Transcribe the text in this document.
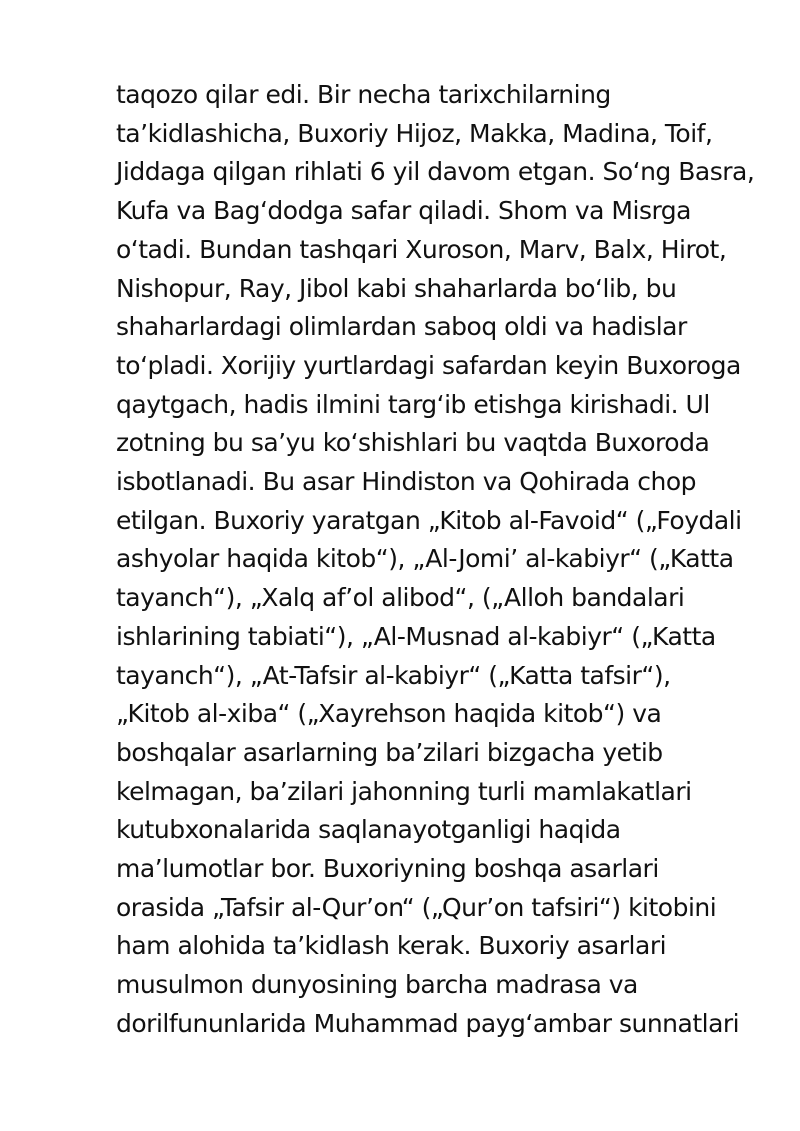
taqozo qilar edi. Bir necha tarixchilarning
ta’kidlashicha, Buxoriy Hijoz, Makka, Madina, Toif,
Jiddaga qilgan rihlati 6 yil davom etgan. So‘ng Basra,
Kufa va Bag‘dodga safar qiladi. Shom va Misrga
o‘tadi. Bundan tashqari Xuroson, Marv, Balx, Hirot,
Nishopur, Ray, Jibol kabi shaharlarda bo‘lib, bu
shaharlardagi olimlardan saboq oldi va hadislar
to‘pladi. Xorijiy yurtlardagi safardan keyin Buxoroga
qaytgach, hadis ilmini targ‘ib etishga kirishadi. Ul
zotning bu sa’yu ko‘shishlari bu vaqtda Buxoroda
isbotlanadi. Bu asar Hindiston va Qohirada chop
etilgan. Buxoriy yaratgan „Kitob al-Favoid“ („Foydali
ashyolar haqida kitob“), „Al-Jomi’ al-kabiyr“ („Katta
tayanch“), „Xalq af’ol alibod“, („Alloh bandalari
ishlarining tabiati“), „Al-Musnad al-kabiyr“ („Katta
tayanch“), „At-Tafsir al-kabiyr“ („Katta tafsir“),
„Kitob al-xiba“ („Xayrehson haqida kitob“) va
boshqalar asarlarning ba’zilari bizgacha yetib
kelmagan, ba’zilari jahonning turli mamlakatlari
kutubxonalarida saqlanayotganligi haqida
ma’lumotlar bor. Buxoriyning boshqa asarlari
orasida „Tafsir al-Qur’on“ („Qur’on tafsiri“) kitobini
ham alohida ta’kidlash kerak. Buxoriy asarlari
musulmon dunyosining barcha madrasa va
dorilfununlarida Muhammad payg‘ambar sunnatlari
